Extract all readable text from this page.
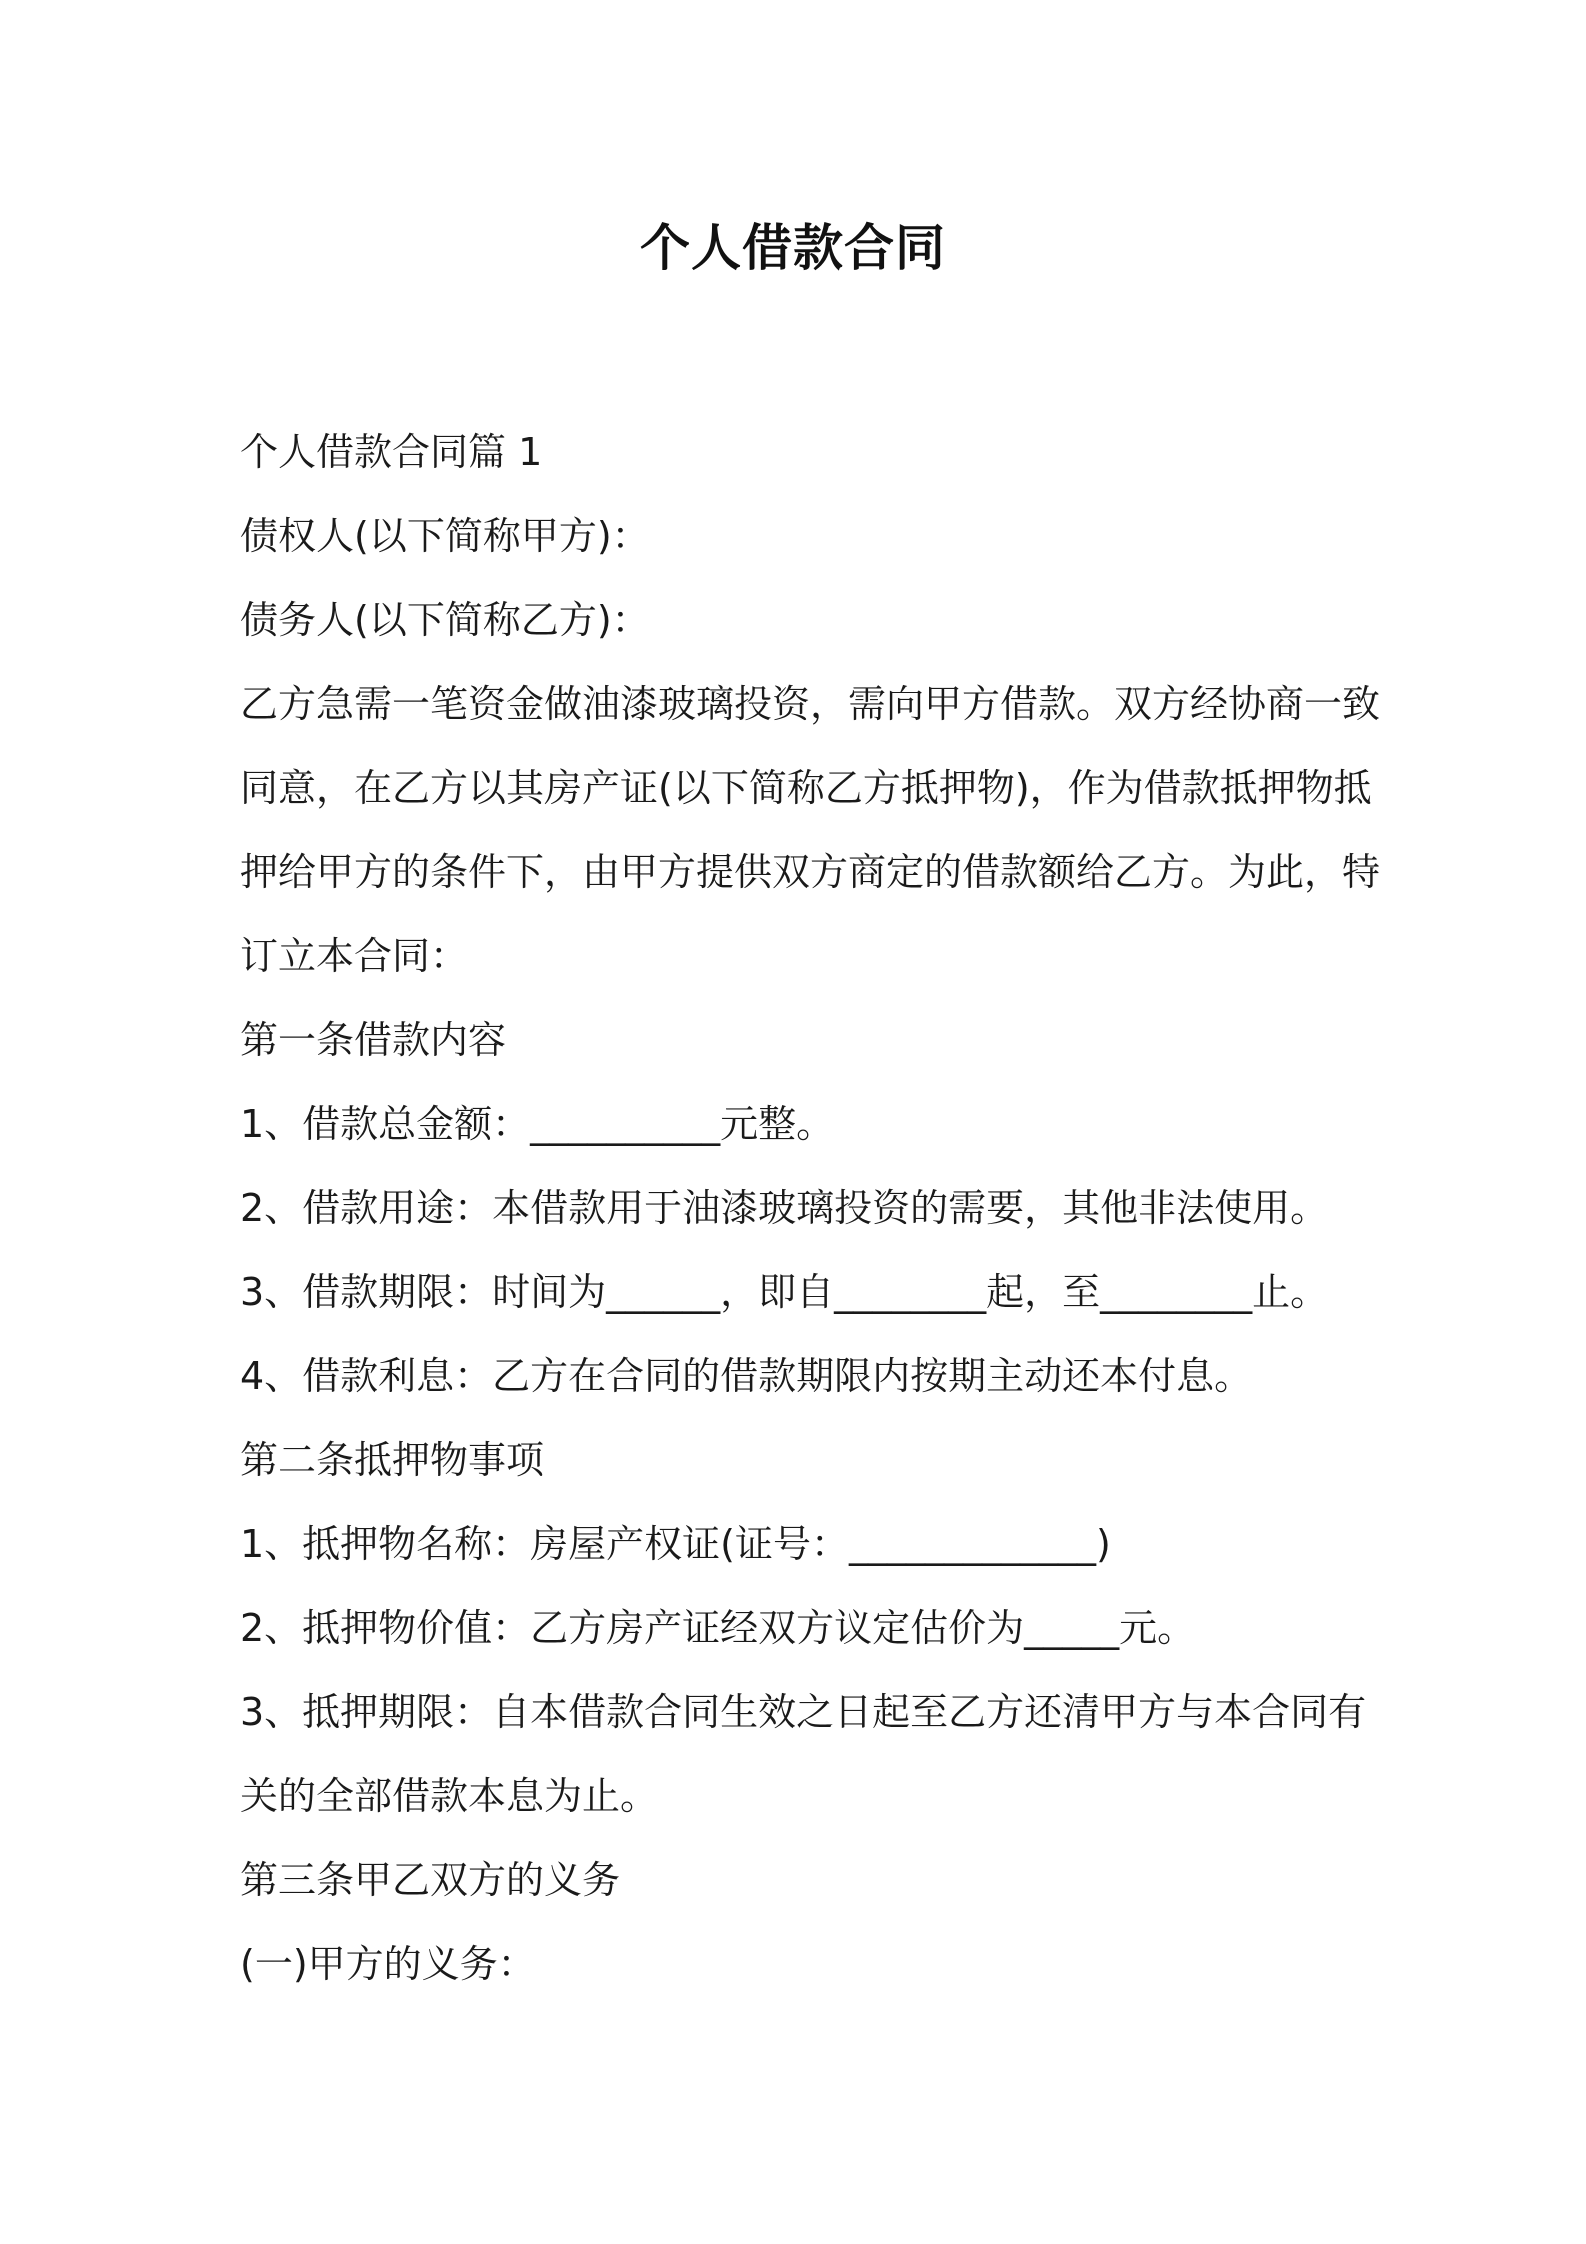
个人借款合同
个人借款合同篇 1
债权人(以下简称甲方)：
债务人(以下简称乙方)：
乙方急需一笔资金做油漆玻璃投资，需向甲方借款。双方经协商一致
同意，在乙方以其房产证(以下简称乙方抵押物)，作为借款抵押物抵
押给甲方的条件下，由甲方提供双方商定的借款额给乙方。为此，特
订立本合同：
第一条借款内容
1、借款总金额：__________元整。
2、借款用途：本借款用于油漆玻璃投资的需要，其他非法使用。
3、借款期限：时间为______，即自________起，至________止。
4、借款利息：乙方在合同的借款期限内按期主动还本付息。
第二条抵押物事项
1、抵押物名称：房屋产权证(证号：_____________)
2、抵押物价值：乙方房产证经双方议定估价为_____元。
3、抵押期限：自本借款合同生效之日起至乙方还清甲方与本合同有
关的全部借款本息为止。
第三条甲乙双方的义务
(一)甲方的义务：
